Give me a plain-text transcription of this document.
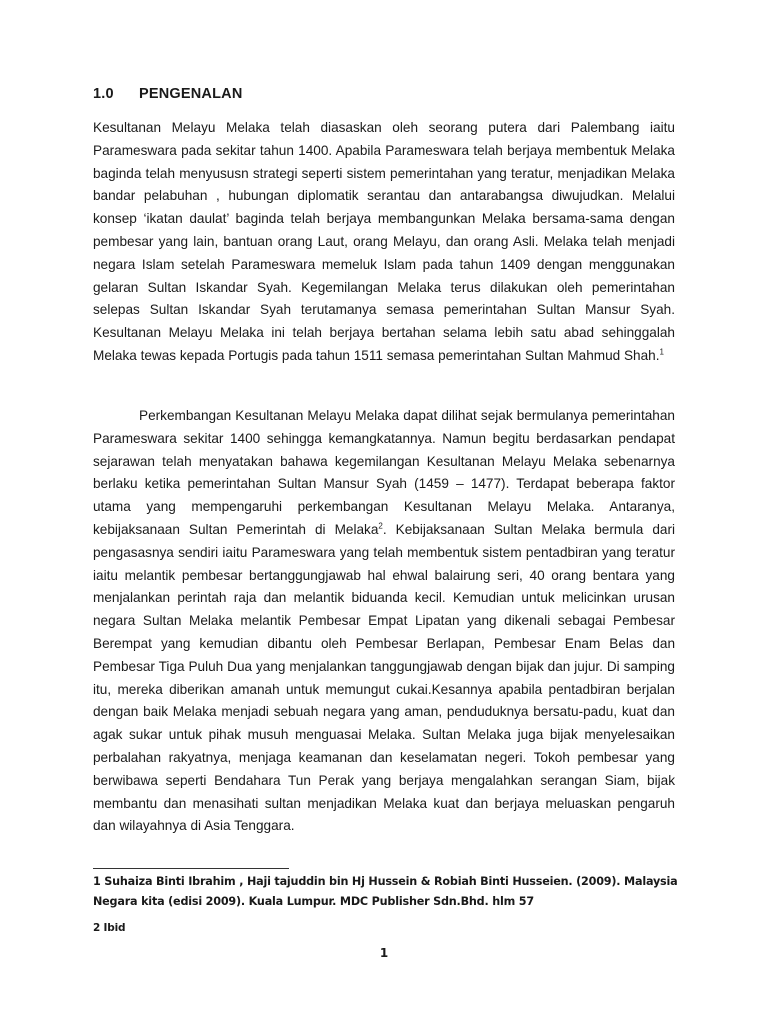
1.0 PENGENALAN

Kesultanan Melayu Melaka telah diasaskan oleh seorang putera dari Palembang iaitu Parameswara pada sekitar tahun 1400. Apabila Parameswara telah berjaya membentuk Melaka baginda telah menyususn strategi seperti sistem pemerintahan yang teratur, menjadikan Melaka bandar pelabuhan , hubungan diplomatik serantau dan antarabangsa diwujudkan. Melalui konsep ‘ikatan daulat’ baginda telah berjaya membangunkan Melaka bersama-sama dengan pembesar yang lain, bantuan orang Laut, orang Melayu, dan orang Asli. Melaka telah menjadi negara Islam setelah Parameswara memeluk Islam pada tahun 1409 dengan menggunakan gelaran Sultan Iskandar Syah. Kegemilangan Melaka terus dilakukan oleh pemerintahan selepas Sultan Iskandar Syah terutamanya semasa pemerintahan Sultan Mansur Syah. Kesultanan Melayu Melaka ini telah berjaya bertahan selama lebih satu abad sehinggalah Melaka tewas kepada Portugis pada tahun 1511 semasa pemerintahan Sultan Mahmud Shah.$^1$

Perkembangan Kesultanan Melayu Melaka dapat dilihat sejak bermulanya pemerintahan Parameswara sekitar 1400 sehingga kemangkatannya. Namun begitu berdasarkan pendapat sejarawan telah menyatakan bahawa kegemilangan Kesultanan Melayu Melaka sebenarnya berlaku ketika pemerintahan Sultan Mansur Syah (1459 – 1477). Terdapat beberapa faktor utama yang mempengaruhi perkembangan Kesultanan Melayu Melaka. Antaranya, kebijaksanaan Sultan Pemerintah di Melaka$^2$. Kebijaksanaan Sultan Melaka bermula dari pengasasnya sendiri iaitu Parameswara yang telah membentuk sistem pentadbiran yang teratur iaitu melantik pembesar bertanggungjawab hal ehwal balairung seri, 40 orang bentara yang menjalankan perintah raja dan melantik biduanda kecil. Kemudian untuk melicinkan urusan negara Sultan Melaka melantik Pembesar Empat Lipatan yang dikenali sebagai Pembesar Berempat yang kemudian dibantu oleh Pembesar Berlapan, Pembesar Enam Belas dan Pembesar Tiga Puluh Dua yang menjalankan tanggungjawab dengan bijak dan jujur. Di samping itu, mereka diberikan amanah untuk memungut cukai.Kesannya apabila pentadbiran berjalan dengan baik Melaka menjadi sebuah negara yang aman, penduduknya bersatu-padu, kuat dan agak sukar untuk pihak musuh menguasai Melaka. Sultan Melaka juga bijak menyelesaikan perbalahan rakyatnya, menjaga keamanan dan keselamatan negeri. Tokoh pembesar yang berwibawa seperti Bendahara Tun Perak yang berjaya mengalahkan serangan Siam, bijak membantu dan menasihati sultan menjadikan Melaka kuat dan berjaya meluaskan pengaruh dan wilayahnya di Asia Tenggara.

1 Suhaiza Binti Ibrahim , Haji tajuddin bin Hj Hussein & Robiah Binti Husseien. (2009). Malaysia Negara kita (edisi 2009). Kuala Lumpur. MDC Publisher Sdn.Bhd. hlm 57
2 Ibid
1
